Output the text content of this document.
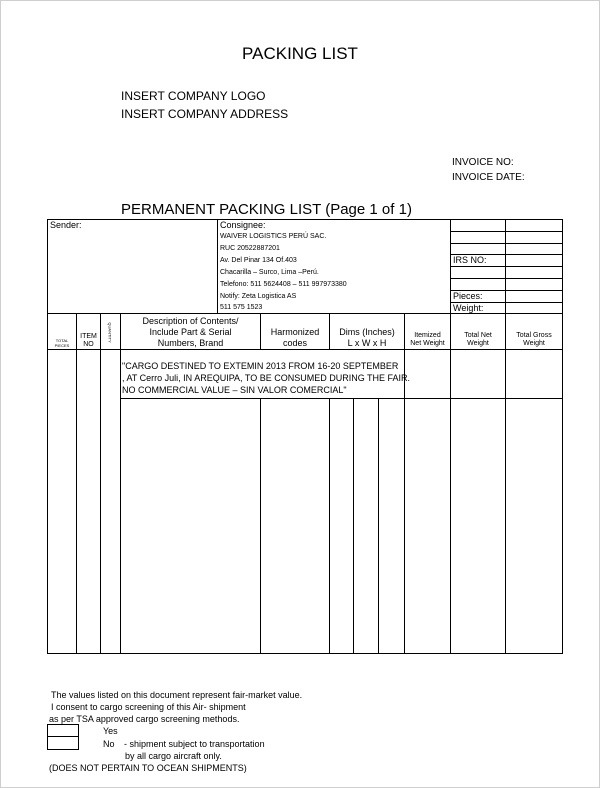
PACKING LIST
INSERT COMPANY LOGO
INSERT COMPANY ADDRESS
INVOICE NO:
INVOICE DATE:
PERMANENT PACKING LIST (Page 1 of 1)
Sender:	Consignee:
WAIVER LOGISTICS PERÚ SAC.
RUC 20522887201
Av. Del Pinar 134 Of.403
Chacarilla – Surco, Lima –Perú.
Telefono: 511 5624408 – 511 997973380
Notify: Zeta Logistica AS
511 575 1523
IRS NO:
Pieces:
Weight:
TOTAL PIECES
ITEM
NO
QUANTITY
Description of Contents/
Include Part & Serial
Numbers, Brand
Harmonized
codes
Dims (Inches)
L x W x H
Itemized
Net Weight
Total Net
Weight
Total Gross
Weight
"CARGO DESTINED TO EXTEMIN 2013 FROM 16-20 SEPTEMBER
, AT Cerro Juli, IN AREQUIPA, TO BE CONSUMED DURING THE FAIR.
NO COMMERCIAL VALUE – SIN VALOR COMERCIAL"
The values listed on this document represent fair-market value.
I consent to cargo screening of this Air- shipment
as per TSA approved cargo screening methods.
Yes
No - shipment subject to transportation
by all cargo aircraft only.
(DOES NOT PERTAIN TO OCEAN SHIPMENTS)
